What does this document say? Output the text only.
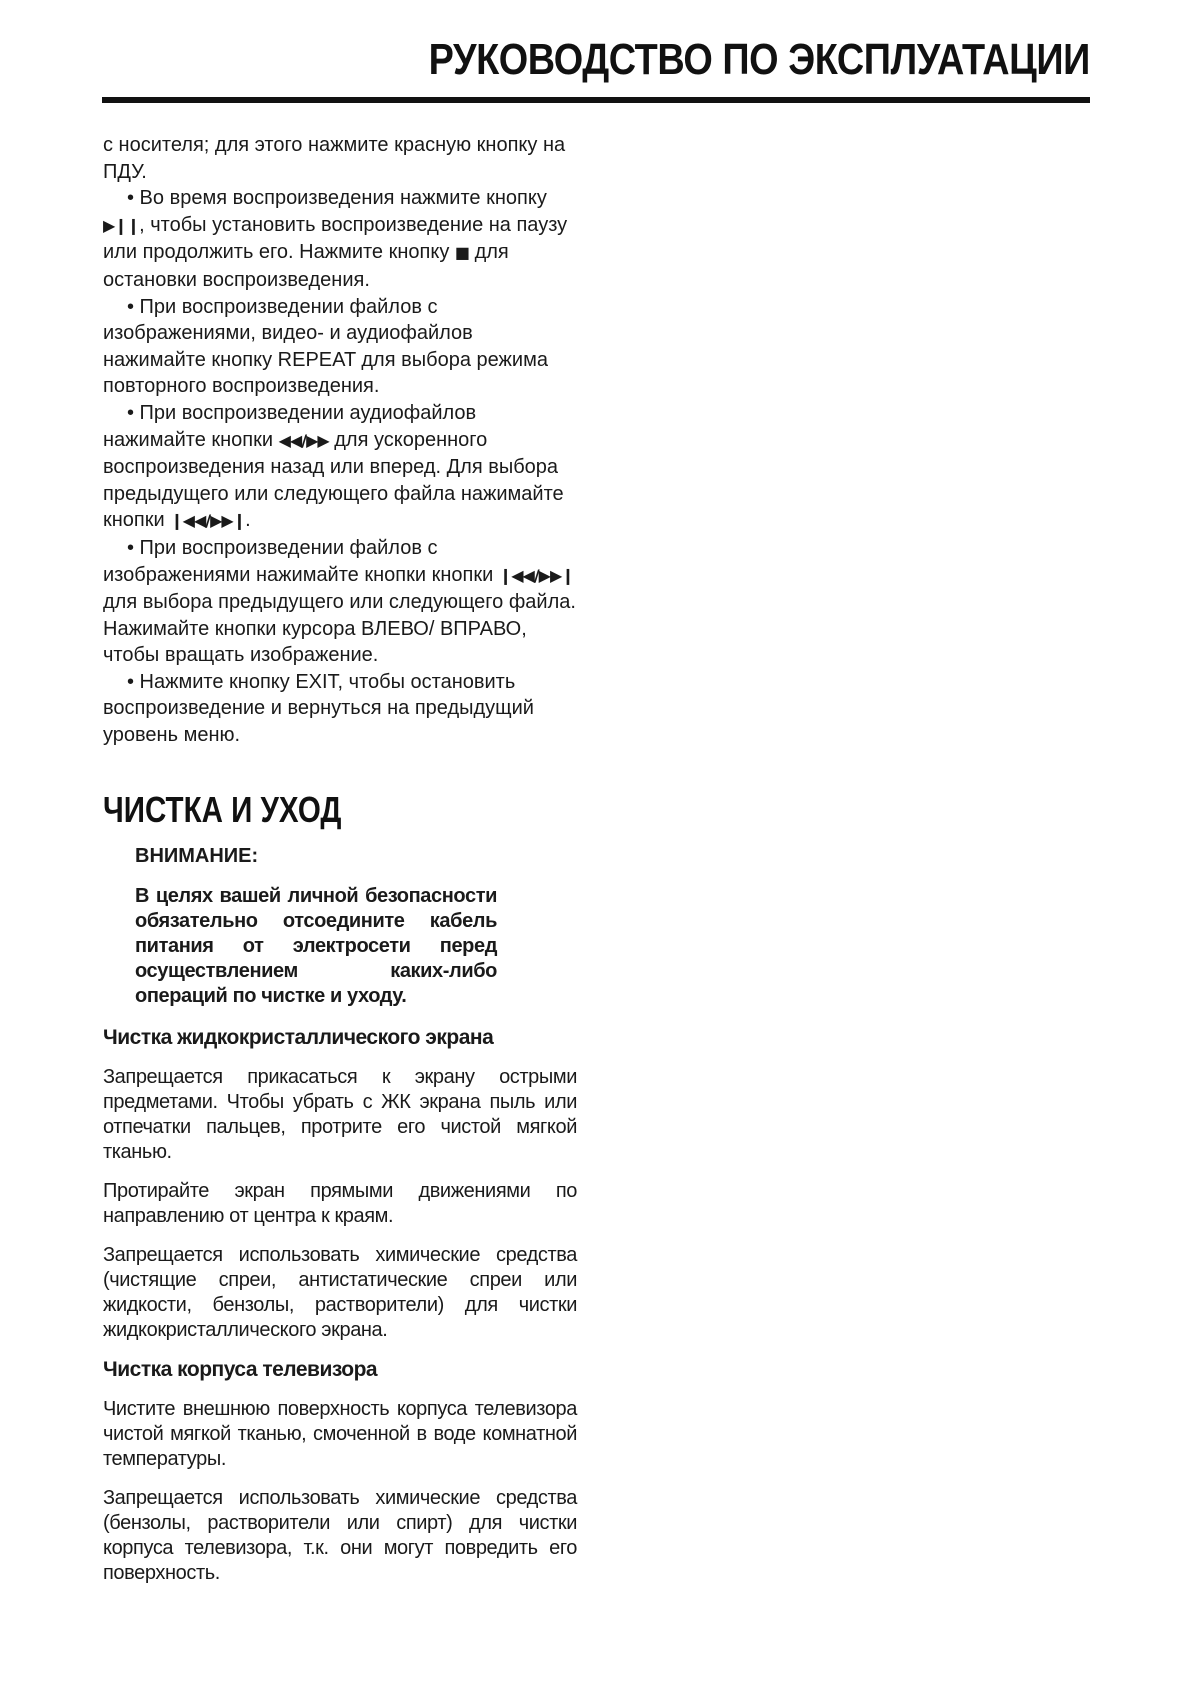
РУКОВОДСТВО ПО ЭКСПЛУАТАЦИИ

с носителя; для этого нажмите красную кнопку на ПДУ.

• Во время воспроизведения нажмите кнопку ▶❙❙, чтобы установить воспроизведение на паузу или продолжить его. Нажмите кнопку ■ для остановки воспроизведения.

• При воспроизведении файлов с изображениями, видео- и аудиофайлов нажимайте кнопку REPEAT для выбора режима повторного воспроизведения.

• При воспроизведении аудиофайлов нажимайте кнопки ◀◀/▶▶ для ускоренного воспроизведения назад или вперед. Для выбора предыдущего или следующего файла нажимайте кнопки ❙◀◀/▶▶❙.

• При воспроизведении файлов с изображениями нажимайте кнопки кнопки ❙◀◀/▶▶❙ для выбора предыдущего или следующего файла. Нажимайте кнопки курсора ВЛЕВО/ ВПРАВО, чтобы вращать изображение.

• Нажмите кнопку EXIT, чтобы остановить воспроизведение и вернуться на предыдущий уровень меню.

ЧИСТКА И УХОД

ВНИМАНИЕ:

В целях вашей личной безопасности обязательно отсоедините кабель питания от электросети перед осуществлением каких-либо операций по чистке и уходу.

Чистка жидкокристаллического экрана

Запрещается прикасаться к экрану острыми предметами. Чтобы убрать с ЖК экрана пыль или отпечатки пальцев, протрите его чистой мягкой тканью.

Протирайте экран прямыми движениями по направлению от центра к краям.

Запрещается использовать химические средства (чистящие спреи, антистатические спреи или жидкости, бензолы, растворители) для чистки жидкокристаллического экрана.

Чистка корпуса телевизора

Чистите внешнюю поверхность корпуса телевизора чистой мягкой тканью, смоченной в воде комнатной температуры.

Запрещается использовать химические средства (бензолы, растворители или спирт) для чистки корпуса телевизора, т.к. они могут повредить его поверхность.
